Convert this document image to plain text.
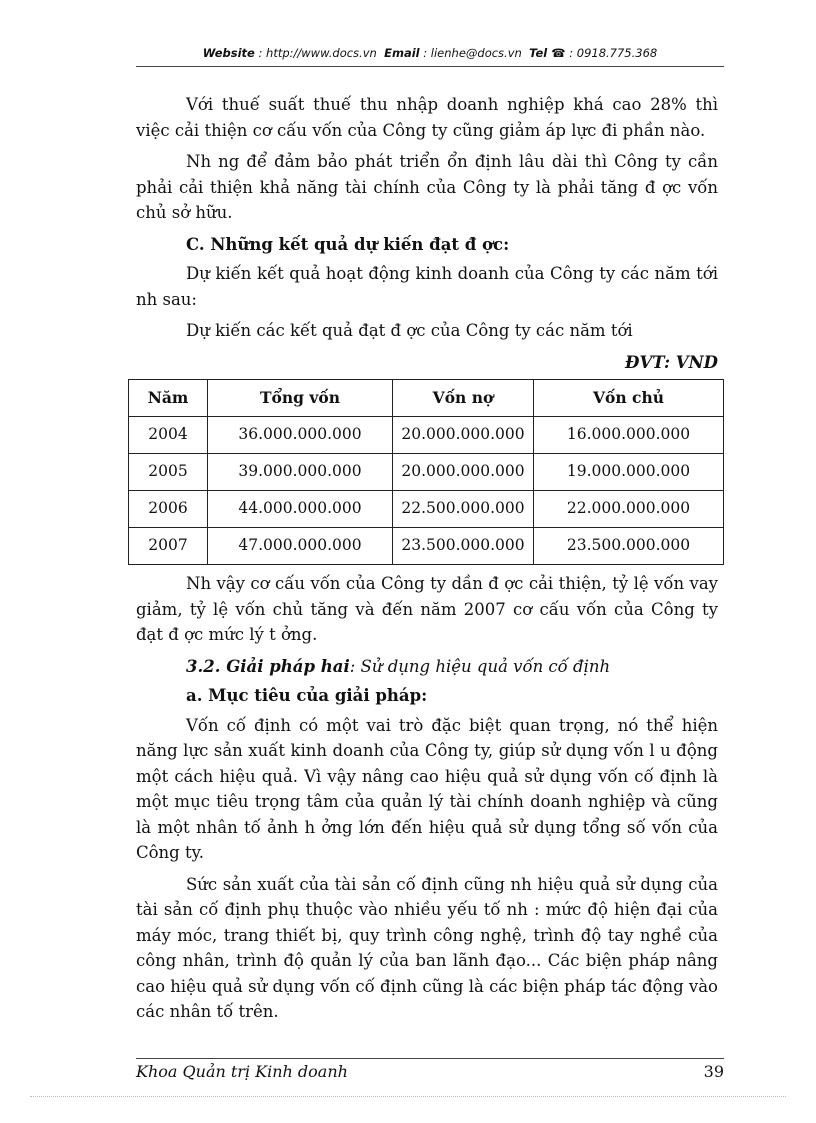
Website : http://www.docs.vn Email : lienhe@docs.vn Tel ☎ : 0918.775.368

Với thuế suất thuế thu nhập doanh nghiệp khá cao 28% thì việc cải thiện cơ cấu vốn của Công ty cũng giảm áp lực đi phần nào.

Nh ng để đảm bảo phát triển ổn định lâu dài thì Công ty cần phải cải thiện khả năng tài chính của Công ty là phải tăng đ ợc vốn chủ sở hữu.

C. Những kết quả dự kiến đạt đ ợc:

Dự kiến kết quả hoạt động kinh doanh của Công ty các năm tới nh sau:

Dự kiến các kết quả đạt đ ợc của Công ty các năm tới

ĐVT: VND
Năm	Tổng vốn	Vốn nợ	Vốn chủ
2004	36.000.000.000	20.000.000.000	16.000.000.000
2005	39.000.000.000	20.000.000.000	19.000.000.000
2006	44.000.000.000	22.500.000.000	22.000.000.000
2007	47.000.000.000	23.500.000.000	23.500.000.000

Nh vậy cơ cấu vốn của Công ty dần đ ợc cải thiện, tỷ lệ vốn vay giảm, tỷ lệ vốn chủ tăng và đến năm 2007 cơ cấu vốn của Công ty đạt đ ợc mức lý t ởng.

3.2. Giải pháp hai: Sử dụng hiệu quả vốn cố định
a. Mục tiêu của giải pháp:

Vốn cố định có một vai trò đặc biệt quan trọng, nó thể hiện năng lực sản xuất kinh doanh của Công ty, giúp sử dụng vốn l u động một cách hiệu quả. Vì vậy nâng cao hiệu quả sử dụng vốn cố định là một mục tiêu trọng tâm của quản lý tài chính doanh nghiệp và cũng là một nhân tố ảnh h ởng lớn đến hiệu quả sử dụng tổng số vốn của Công ty.

Sức sản xuất của tài sản cố định cũng nh hiệu quả sử dụng của tài sản cố định phụ thuộc vào nhiều yếu tố nh : mức độ hiện đại của máy móc, trang thiết bị, quy trình công nghệ, trình độ tay nghề của công nhân, trình độ quản lý của ban lãnh đạo... Các biện pháp nâng cao hiệu quả sử dụng vốn cố định cũng là các biện pháp tác động vào các nhân tố trên.

Khoa Quản trị Kinh doanh	39
